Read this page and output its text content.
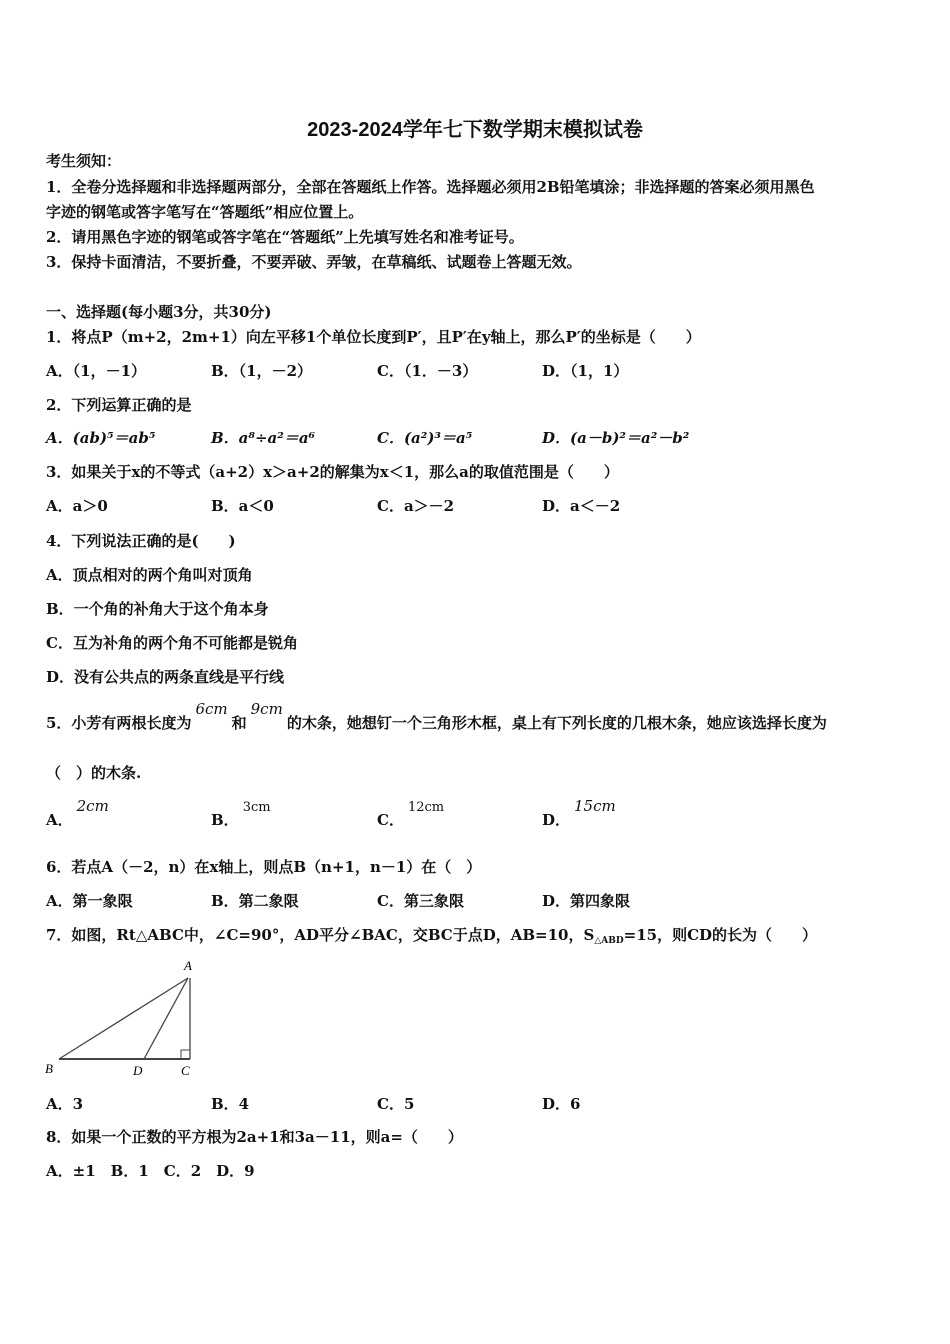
2023-2024学年七下数学期末模拟试卷
考生须知：
1．全卷分选择题和非选择题两部分，全部在答题纸上作答。选择题必须用2B铅笔填涂；非选择题的答案必须用黑色
字迹的钢笔或答字笔写在“答题纸”相应位置上。
2．请用黑色字迹的钢笔或答字笔在“答题纸”上先填写姓名和准考证号。
3．保持卡面清洁，不要折叠，不要弄破、弄皱，在草稿纸、试题卷上答题无效。
一、选择题(每小题3分，共30分)
1．将点P（m+2，2m+1）向左平移1个单位长度到P′，且P′在y轴上，那么P′的坐标是（　　）
A．（1，－1）	B．（1，－2）	C．（1．－3）	D．（1，1）
2．下列运算正确的是
A．(ab)⁵＝ab⁵	B．a⁸÷a²＝a⁶	C．(a²)³＝a⁵	D．(a－b)²＝a²－b²
3．如果关于x的不等式（a+2）x＞a+2的解集为x＜1，那么a的取值范围是（　　）
A．a＞0	B．a＜0	C．a＞－2	D．a＜－2
4．下列说法正确的是(　　)
A．顶点相对的两个角叫对顶角
B．一个角的补角大于这个角本身
C．互为补角的两个角不可能都是锐角
D．没有公共点的两条直线是平行线
5．小芳有两根长度为6cm和9cm的木条，她想钉一个三角形木框，桌上有下列长度的几根木条，她应该选择长度为
（　）的木条.
A．2cm
B．3cm
C．12cm
D．15cm
6．若点A（－2，n）在x轴上，则点B（n+1，n－1）在（　）
A．第一象限	B．第二象限	C．第三象限	D．第四象限
7．如图，Rt△ABC中，∠C=90°，AD平分∠BAC，交BC于点D，AB=10，$S_{\triangle ABD}=15$，则CD的长为（　　）
A
B	D	C
A．3	B．4	C．5	D．6
8．如果一个正数的平方根为2a+1和3a－11，则a=（　　）
A．±1　B．1　C．2　D．9
